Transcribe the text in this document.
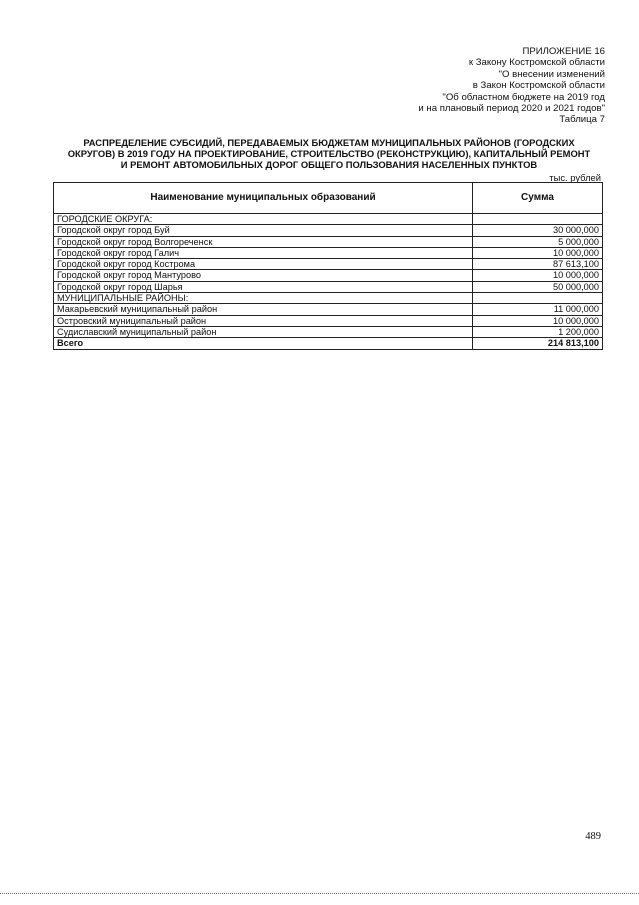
ПРИЛОЖЕНИЕ 16
к Закону Костромской области
"О внесении изменений
в Закон Костромской области
"Об областном бюджете на 2019 год
и на плановый период 2020 и 2021 годов"
Таблица 7
РАСПРЕДЕЛЕНИЕ СУБСИДИЙ, ПЕРЕДАВАЕМЫХ БЮДЖЕТАМ МУНИЦИПАЛЬНЫХ РАЙОНОВ (ГОРОДСКИХ ОКРУГОВ) В 2019 ГОДУ НА ПРОЕКТИРОВАНИЕ, СТРОИТЕЛЬСТВО (РЕКОНСТРУКЦИЮ), КАПИТАЛЬНЫЙ РЕМОНТ И РЕМОНТ АВТОМОБИЛЬНЫХ ДОРОГ ОБЩЕГО ПОЛЬЗОВАНИЯ НАСЕЛЕННЫХ ПУНКТОВ
тыс. рублей
Наименование муниципальных образований	Сумма
ГОРОДСКИЕ ОКРУГА:	
Городской округ город Буй	30 000,000
Городской округ город Волгореченск	5 000,000
Городской округ город Галич	10 000,000
Городской округ город Кострома	87 613,100
Городской округ город Мантурово	10 000,000
Городской округ город Шарья	50 000,000
МУНИЦИПАЛЬНЫЕ РАЙОНЫ:	
Макарьевский муниципальный район	11 000,000
Островский муниципальный район	10 000,000
Судиславский муниципальный район	1 200,000
Всего	214 813,100
489
